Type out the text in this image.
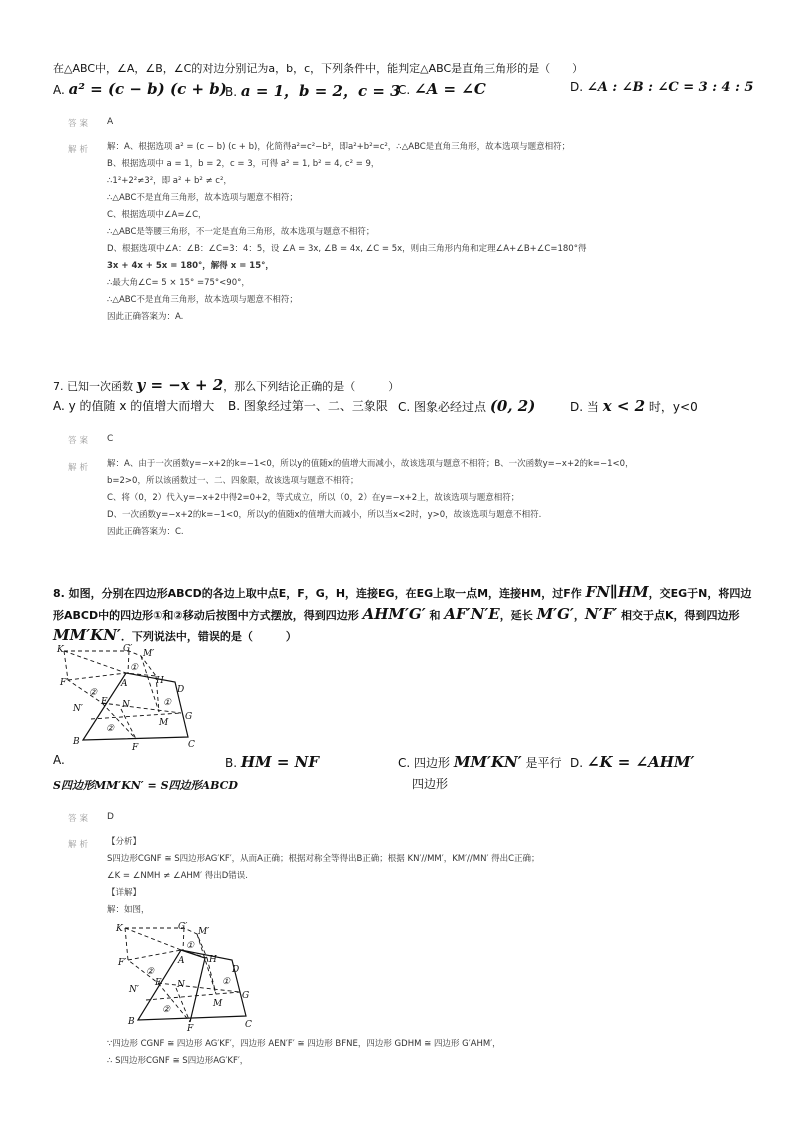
在△ABC中，∠A，∠B，∠C的对边分别记为a，b，c，下列条件中，能判定△ABC是直角三角形的是（　　）
A. a² = (c − b) (c + b)
B. a = 1，b = 2，c = 3
C. ∠A = ∠C	D. ∠A : ∠B : ∠C = 3 : 4 : 5
答案 A
解析 解：A、根据选项 a² = (c − b) (c + b)，化简得a²=c²−b²，即a²+b²=c²，∴△ABC是直角三角形，故本选项与题意相符；
B、根据选项中 a = 1，b = 2，c = 3，可得 a² = 1, b² = 4, c² = 9，
∴1²+2²≠3²，即 a² + b² ≠ c²，
∴△ABC不是直角三角形，故本选项与题意不相符；
C、根据选项中∠A=∠C，
∴△ABC是等腰三角形，不一定是直角三角形，故本选项与题意不相符；
D、根据选项中∠A：∠B：∠C=3：4：5，设 ∠A = 3x, ∠B = 4x, ∠C = 5x，则由三角形内角和定理∠A+∠B+∠C=180°得
3x + 4x + 5x = 180°，解得 x = 15°，
∴最大角∠C= 5 × 15° =75°<90°，
∴△ABC不是直角三角形，故本选项与题意不相符；
因此正确答案为：A.
7. 已知一次函数 y = −x + 2，那么下列结论正确的是（　　　）
A. y 的值随 x 的值增大而增大 B. 图象经过第一、二、三象限 C. 图象必经过点 (0, 2)	D. 当 x < 2 时，y<0
答案 C
解析 解：A、由于一次函数y=−x+2的k=−1<0，所以y的值随x的值增大而减小，故该选项与题意不相符；B、一次函数y=−x+2的k=−1<0，
b=2>0，所以该函数过一、二、四象限，故该选项与题意不相符；
C、将（0，2）代入y=−x+2中得2=0+2，等式成立，所以（0，2）在y=−x+2上，故该选项与题意相符；
D、一次函数y=−x+2的k=−1<0，所以y的值随x的值增大而减小，所以当x<2时，y>0，故该选项与题意不相符.
因此正确答案为：C.
8. 如图，分别在四边形ABCD的各边上取中点E，F，G，H，连接EG，在EG上取一点M，连接HM，过F作 FN∥HM，交EG于N，将四边
形ABCD中的四边形①和②移动后按图中方式摆放，得到四边形 AHM′G′ 和 AF′N′E，延长 M′G′，N′F′ 相交于点K，得到四边形
MM′KN′．下列说法中，错误的是（　　　）
K	G′ M′
F′	A	H
D
N′
E N
G
M
B
F	C
①
①
②
②
A.
S四边形MM′KN′ = S四边形ABCD
B. HM = NF	C. 四边形 MM′KN′ 是平行
四边形
D. ∠K = ∠AHM′
答案 D
解析 【分析】
S四边形CGNF ≅ S四边形AG′KF′，从而A正确；根据对称全等得出B正确；根据 KN′//MM′，KM′//MN′ 得出C正确；
∠K = ∠NMH ≠ ∠AHM′ 得出D错误.
【详解】
解：如图，
K	G′ M′
F′	A	H
D
N′
E N
G
M
B
F	C
①
①
②
②
∵四边形 CGNF ≅ 四边形 AG′KF′，四边形 AEN′F′ ≅ 四边形 BFNE，四边形 GDHM ≅ 四边形 G′AHM′，
∴ S四边形CGNF ≅ S四边形AG′KF′，
